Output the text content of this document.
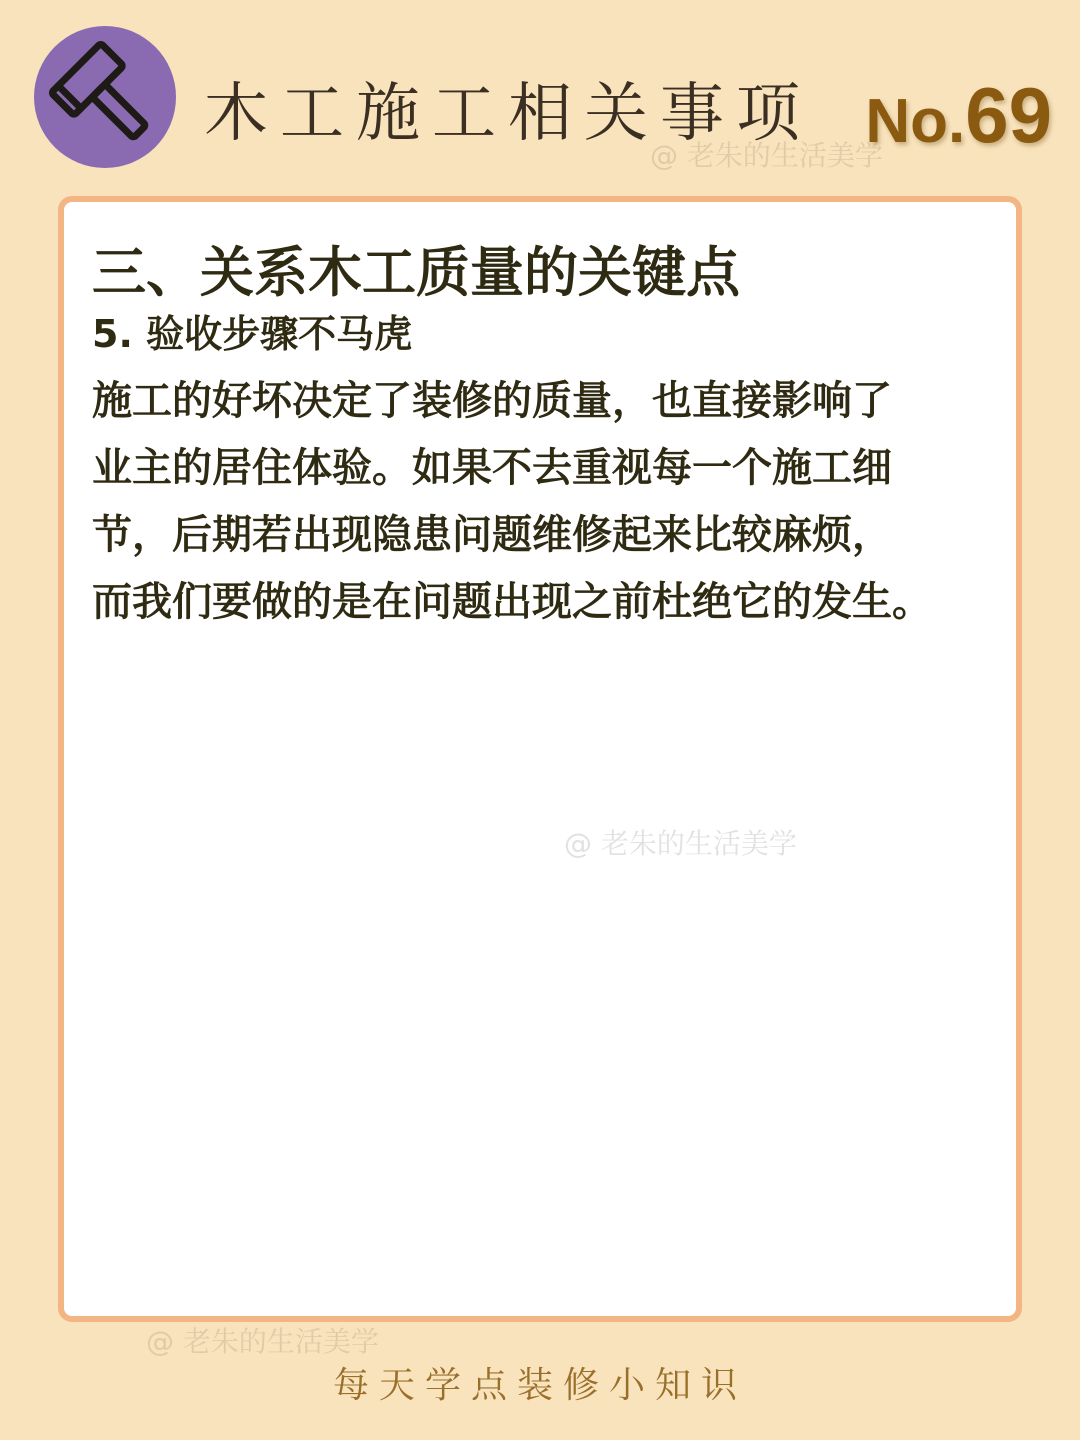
木工施工相关事项 No.69
@ 老朱的生活美学
三、关系木工质量的关键点
5. 验收步骤不马虎
施工的好坏决定了装修的质量，也直接影响了
业主的居住体验。如果不去重视每一个施工细
节，后期若出现隐患问题维修起来比较麻烦，
而我们要做的是在问题出现之前杜绝它的发生。
@ 老朱的生活美学
@ 老朱的生活美学
每天学点装修小知识
